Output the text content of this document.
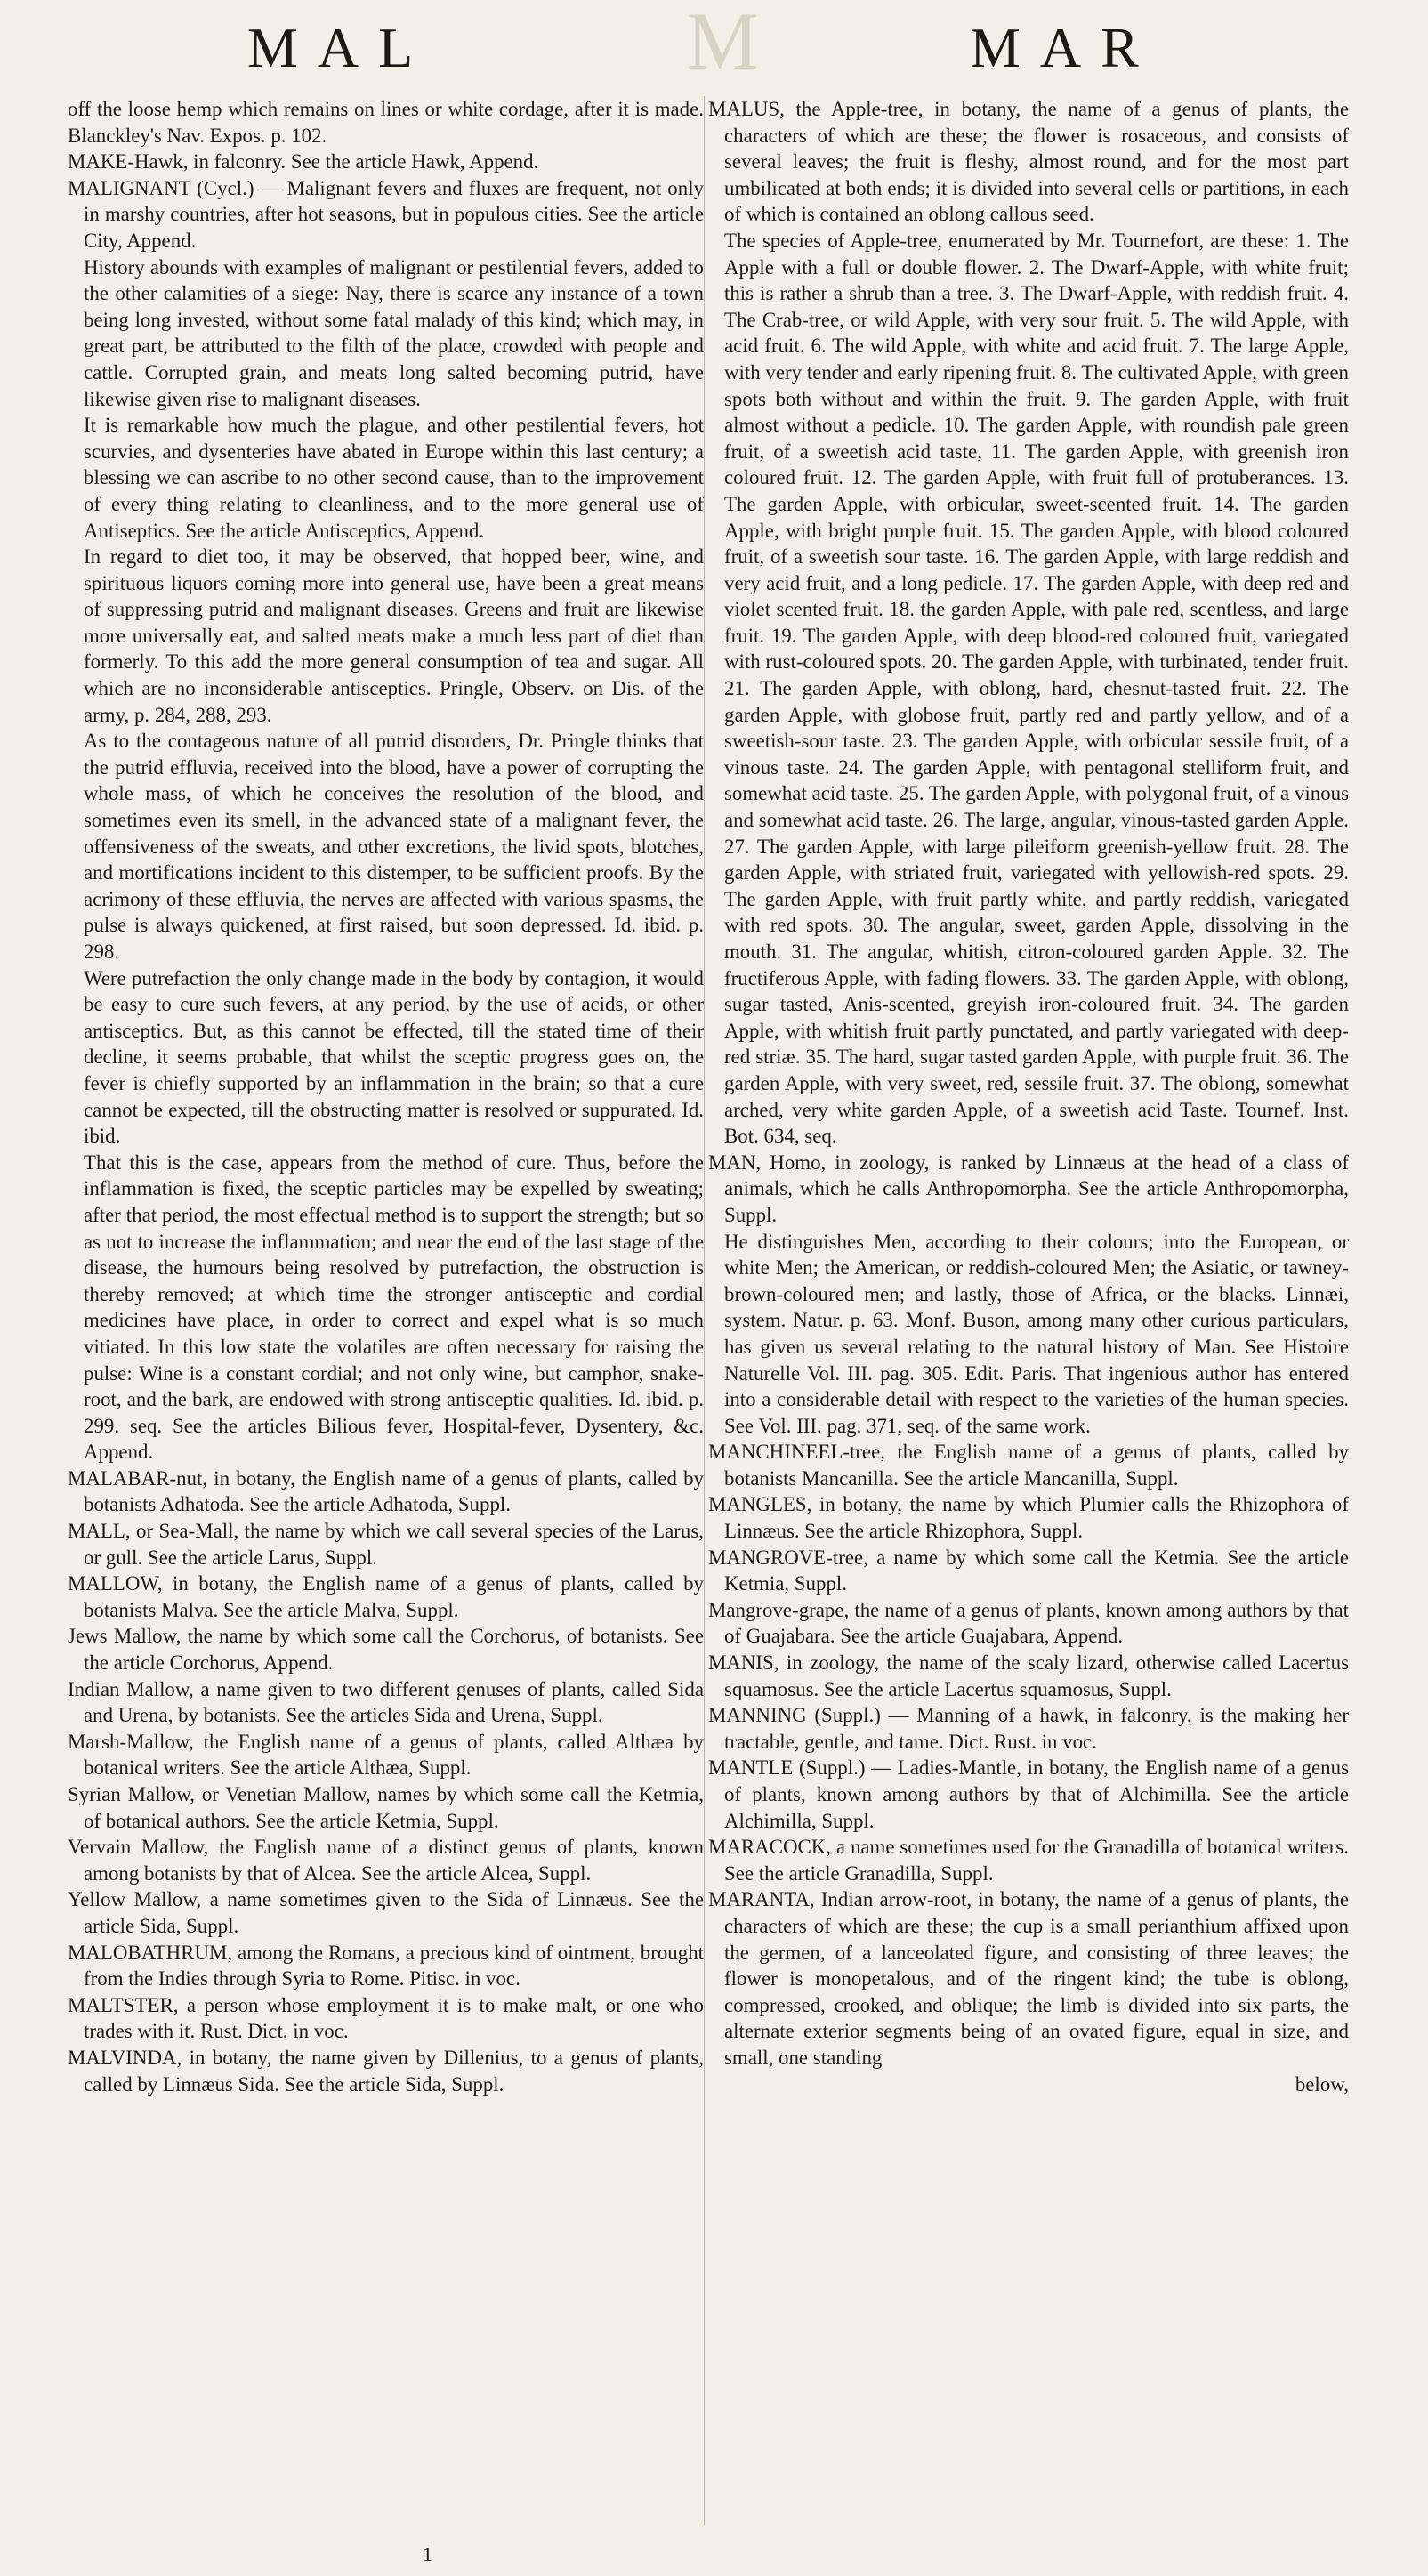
M
MAL	MAR

off the loose hemp which remains on lines or white cordage, after it is made. Blanckley's Nav. Expos. p. 102.

MAKE-Hawk, in falconry. See the article Hawk, Append.

MALIGNANT (Cycl.) — Malignant fevers and fluxes are frequent, not only in marshy countries, after hot seasons, but in populous cities. See the article City, Append.

History abounds with examples of malignant or pestilential fevers, added to the other calamities of a siege: Nay, there is scarce any instance of a town being long invested, without some fatal malady of this kind; which may, in great part, be attributed to the filth of the place, crowded with people and cattle. Corrupted grain, and meats long salted becoming putrid, have likewise given rise to malignant diseases.

It is remarkable how much the plague, and other pestilential fevers, hot scurvies, and dysenteries have abated in Europe within this last century; a blessing we can ascribe to no other second cause, than to the improvement of every thing relating to cleanliness, and to the more general use of Antiseptics. See the article Antisceptics, Append.

In regard to diet too, it may be observed, that hopped beer, wine, and spirituous liquors coming more into general use, have been a great means of suppressing putrid and malignant diseases. Greens and fruit are likewise more universally eat, and salted meats make a much less part of diet than formerly. To this add the more general consumption of tea and sugar. All which are no inconsiderable antisceptics. Pringle, Observ. on Dis. of the army, p. 284, 288, 293.

As to the contageous nature of all putrid disorders, Dr. Pringle thinks that the putrid effluvia, received into the blood, have a power of corrupting the whole mass, of which he conceives the resolution of the blood, and sometimes even its smell, in the advanced state of a malignant fever, the offensiveness of the sweats, and other excretions, the livid spots, blotches, and mortifications incident to this distemper, to be sufficient proofs. By the acrimony of these effluvia, the nerves are affected with various spasms, the pulse is always quickened, at first raised, but soon depressed. Id. ibid. p. 298.

Were putrefaction the only change made in the body by contagion, it would be easy to cure such fevers, at any period, by the use of acids, or other antisceptics. But, as this cannot be effected, till the stated time of their decline, it seems probable, that whilst the sceptic progress goes on, the fever is chiefly supported by an inflammation in the brain; so that a cure cannot be expected, till the obstructing matter is resolved or suppurated. Id. ibid.

That this is the case, appears from the method of cure. Thus, before the inflammation is fixed, the sceptic particles may be expelled by sweating; after that period, the most effectual method is to support the strength; but so as not to increase the inflammation; and near the end of the last stage of the disease, the humours being resolved by putrefaction, the obstruction is thereby removed; at which time the stronger antisceptic and cordial medicines have place, in order to correct and expel what is so much vitiated. In this low state the volatiles are often necessary for raising the pulse: Wine is a constant cordial; and not only wine, but camphor, snake-root, and the bark, are endowed with strong antisceptic qualities. Id. ibid. p. 299. seq. See the articles Bilious fever, Hospital-fever, Dysentery, &c. Append.

MALABAR-nut, in botany, the English name of a genus of plants, called by botanists Adhatoda. See the article Adhatoda, Suppl.

MALL, or Sea-Mall, the name by which we call several species of the Larus, or gull. See the article Larus, Suppl.

MALLOW, in botany, the English name of a genus of plants, called by botanists Malva. See the article Malva, Suppl.

Jews Mallow, the name by which some call the Corchorus, of botanists. See the article Corchorus, Append.

Indian Mallow, a name given to two different genuses of plants, called Sida and Urena, by botanists. See the articles Sida and Urena, Suppl.

Marsh-Mallow, the English name of a genus of plants, called Althæa by botanical writers. See the article Althæa, Suppl.

Syrian Mallow, or Venetian Mallow, names by which some call the Ketmia, of botanical authors. See the article Ketmia, Suppl.

Vervain Mallow, the English name of a distinct genus of plants, known among botanists by that of Alcea. See the article Alcea, Suppl.

Yellow Mallow, a name sometimes given to the Sida of Linnæus. See the article Sida, Suppl.

MALOBATHRUM, among the Romans, a precious kind of ointment, brought from the Indies through Syria to Rome. Pitisc. in voc.

MALTSTER, a person whose employment it is to make malt, or one who trades with it. Rust. Dict. in voc.

MALVINDA, in botany, the name given by Dillenius, to a genus of plants, called by Linnæus Sida. See the article Sida, Suppl.

MALUS, the Apple-tree, in botany, the name of a genus of plants, the characters of which are these; the flower is rosaceous, and consists of several leaves; the fruit is fleshy, almost round, and for the most part umbilicated at both ends; it is divided into several cells or partitions, in each of which is contained an oblong callous seed.

The species of Apple-tree, enumerated by Mr. Tournefort, are these: 1. The Apple with a full or double flower. 2. The Dwarf-Apple, with white fruit; this is rather a shrub than a tree. 3. The Dwarf-Apple, with reddish fruit. 4. The Crab-tree, or wild Apple, with very sour fruit. 5. The wild Apple, with acid fruit. 6. The wild Apple, with white and acid fruit. 7. The large Apple, with very tender and early ripening fruit. 8. The cultivated Apple, with green spots both without and within the fruit. 9. The garden Apple, with fruit almost without a pedicle. 10. The garden Apple, with roundish pale green fruit, of a sweetish acid taste, 11. The garden Apple, with greenish iron coloured fruit. 12. The garden Apple, with fruit full of protuberances. 13. The garden Apple, with orbicular, sweet-scented fruit. 14. The garden Apple, with bright purple fruit. 15. The garden Apple, with blood coloured fruit, of a sweetish sour taste. 16. The garden Apple, with large reddish and very acid fruit, and a long pedicle. 17. The garden Apple, with deep red and violet scented fruit. 18. the garden Apple, with pale red, scentless, and large fruit. 19. The garden Apple, with deep blood-red coloured fruit, variegated with rust-coloured spots. 20. The garden Apple, with turbinated, tender fruit. 21. The garden Apple, with oblong, hard, chesnut-tasted fruit. 22. The garden Apple, with globose fruit, partly red and partly yellow, and of a sweetish-sour taste. 23. The garden Apple, with orbicular sessile fruit, of a vinous taste. 24. The garden Apple, with pentagonal stelliform fruit, and somewhat acid taste. 25. The garden Apple, with polygonal fruit, of a vinous and somewhat acid taste. 26. The large, angular, vinous-tasted garden Apple. 27. The garden Apple, with large pileiform greenish-yellow fruit. 28. The garden Apple, with striated fruit, variegated with yellowish-red spots. 29. The garden Apple, with fruit partly white, and partly reddish, variegated with red spots. 30. The angular, sweet, garden Apple, dissolving in the mouth. 31. The angular, whitish, citron-coloured garden Apple. 32. The fructiferous Apple, with fading flowers. 33. The garden Apple, with oblong, sugar tasted, Anis-scented, greyish iron-coloured fruit. 34. The garden Apple, with whitish fruit partly punctated, and partly variegated with deep-red striæ. 35. The hard, sugar tasted garden Apple, with purple fruit. 36. The garden Apple, with very sweet, red, sessile fruit. 37. The oblong, somewhat arched, very white garden Apple, of a sweetish acid Taste. Tournef. Inst. Bot. 634, seq.

MAN, Homo, in zoology, is ranked by Linnæus at the head of a class of animals, which he calls Anthropomorpha. See the article Anthropomorpha, Suppl.

He distinguishes Men, according to their colours; into the European, or white Men; the American, or reddish-coloured Men; the Asiatic, or tawney-brown-coloured men; and lastly, those of Africa, or the blacks. Linnæi, system. Natur. p. 63. Monf. Buson, among many other curious particulars, has given us several relating to the natural history of Man. See Histoire Naturelle Vol. III. pag. 305. Edit. Paris. That ingenious author has entered into a considerable detail with respect to the varieties of the human species. See Vol. III. pag. 371, seq. of the same work.

MANCHINEEL-tree, the English name of a genus of plants, called by botanists Mancanilla. See the article Mancanilla, Suppl.

MANGLES, in botany, the name by which Plumier calls the Rhizophora of Linnæus. See the article Rhizophora, Suppl.

MANGROVE-tree, a name by which some call the Ketmia. See the article Ketmia, Suppl.

Mangrove-grape, the name of a genus of plants, known among authors by that of Guajabara. See the article Guajabara, Append.

MANIS, in zoology, the name of the scaly lizard, otherwise called Lacertus squamosus. See the article Lacertus squamosus, Suppl.

MANNING (Suppl.) — Manning of a hawk, in falconry, is the making her tractable, gentle, and tame. Dict. Rust. in voc.

MANTLE (Suppl.) — Ladies-Mantle, in botany, the English name of a genus of plants, known among authors by that of Alchimilla. See the article Alchimilla, Suppl.

MARACOCK, a name sometimes used for the Granadilla of botanical writers. See the article Granadilla, Suppl.

MARANTA, Indian arrow-root, in botany, the name of a genus of plants, the characters of which are these; the cup is a small perianthium affixed upon the germen, of a lanceolated figure, and consisting of three leaves; the flower is monopetalous, and of the ringent kind; the tube is oblong, compressed, crooked, and oblique; the limb is divided into six parts, the alternate exterior segments being of an ovated figure, equal in size, and small, one standing

below,

1
